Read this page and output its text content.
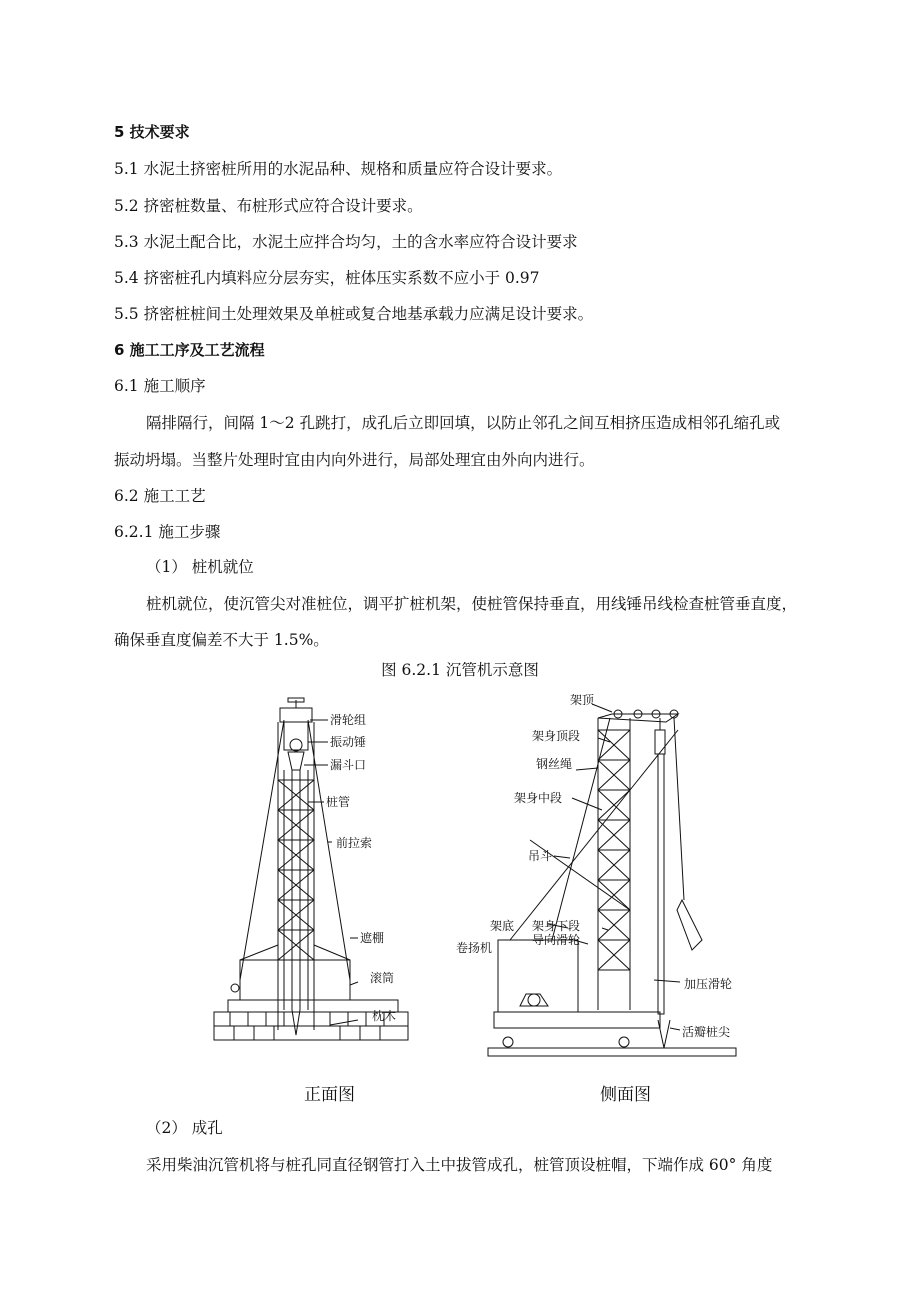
5 技术要求
5.1 水泥土挤密桩所用的水泥品种、规格和质量应符合设计要求。
5.2 挤密桩数量、布桩形式应符合设计要求。
5.3 水泥土配合比，水泥土应拌合均匀，土的含水率应符合设计要求
5.4 挤密桩孔内填料应分层夯实，桩体压实系数不应小于 0.97
5.5 挤密桩桩间土处理效果及单桩或复合地基承载力应满足设计要求。
6 施工工序及工艺流程
6.1 施工顺序
隔排隔行，间隔 1～2 孔跳打，成孔后立即回填，以防止邻孔之间互相挤压造成相邻孔缩孔或
振动坍塌。当整片处理时宜由内向外进行，局部处理宜由外向内进行。
6.2 施工工艺
6.2.1 施工步骤
（1） 桩机就位
桩机就位，使沉管尖对准桩位，调平扩桩机架，使桩管保持垂直，用线锤吊线检查桩管垂直度，
确保垂直度偏差不大于 1.5%。
图 6.2.1 沉管机示意图
滑轮组
振动锤
漏斗口
桩管
前拉索
遮棚
滚筒
枕木
架顶
架身顶段
钢丝绳
架身中段
吊斗
架底 架身下段
导向滑轮
卷扬机
加压滑轮
活瓣桩尖
正面图	侧面图
（2） 成孔
采用柴油沉管机将与桩孔同直径钢管打入土中拔管成孔，桩管顶设桩帽，下端作成 60° 角度
